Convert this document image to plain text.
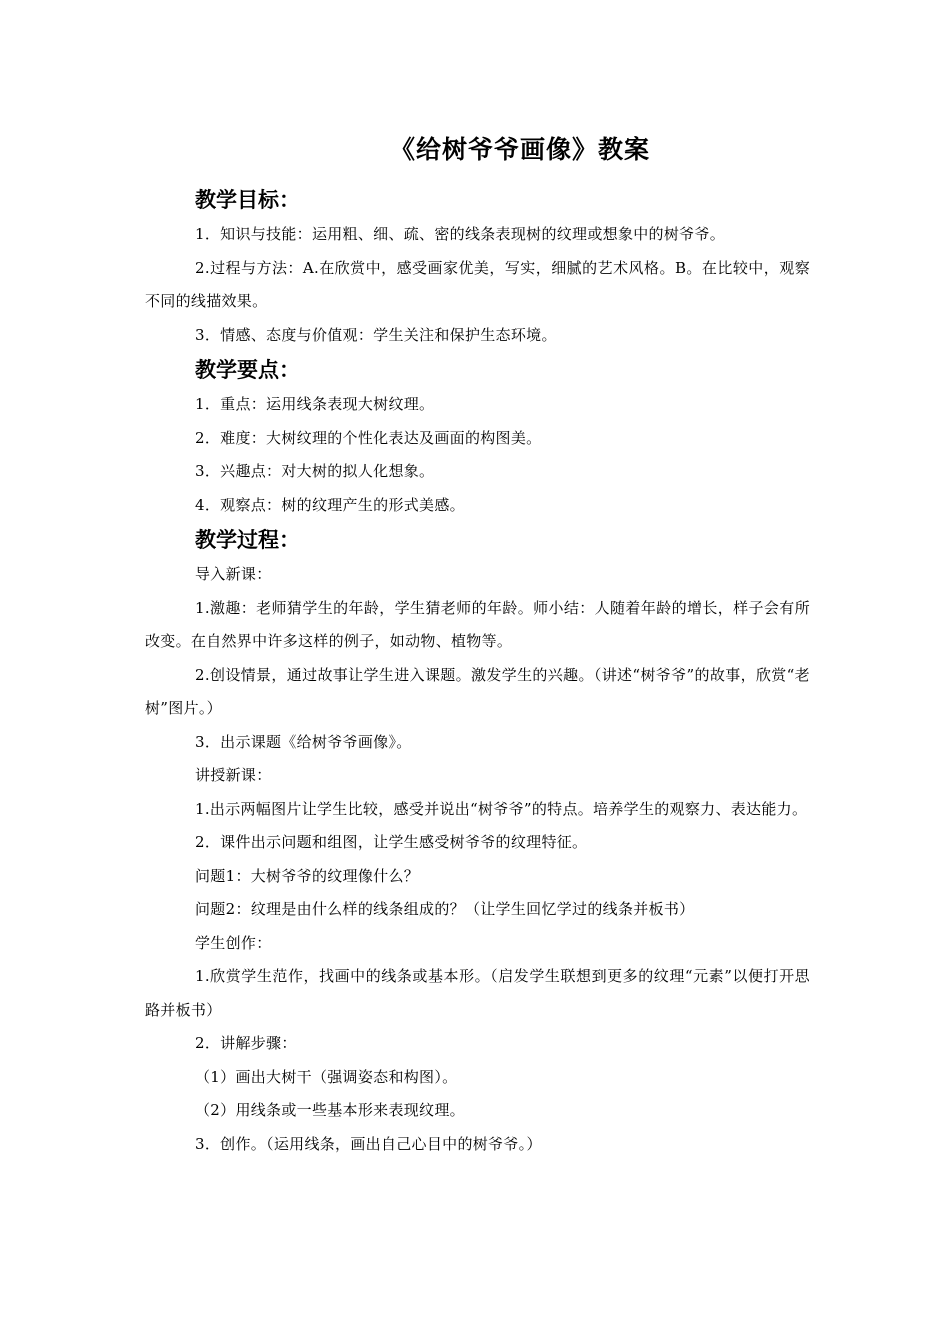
《给树爷爷画像》教案
教学目标：

1．知识与技能：运用粗、细、疏、密的线条表现树的纹理或想象中的树爷爷。

2.过程与方法：A.在欣赏中，感受画家优美，写实，细腻的艺术风格。B。在比较中，观察不同的线描效果。

3．情感、态度与价值观：学生关注和保护生态环境。

教学要点：

1．重点：运用线条表现大树纹理。

2．难度：大树纹理的个性化表达及画面的构图美。

3．兴趣点：对大树的拟人化想象。

4．观察点：树的纹理产生的形式美感。

教学过程：

导入新课：

1.激趣：老师猜学生的年龄，学生猜老师的年龄。师小结：人随着年龄的增长，样子会有所改变。在自然界中许多这样的例子，如动物、植物等。

2.创设情景，通过故事让学生进入课题。激发学生的兴趣。（讲述“树爷爷”的故事，欣赏“老树”图片。）

3．出示课题《给树爷爷画像》。

讲授新课：

1.出示两幅图片让学生比较，感受并说出“树爷爷”的特点。培养学生的观察力、表达能力。

2．课件出示问题和组图，让学生感受树爷爷的纹理特征。

问题1：大树爷爷的纹理像什么？

问题2：纹理是由什么样的线条组成的？（让学生回忆学过的线条并板书）

学生创作：

1.欣赏学生范作，找画中的线条或基本形。（启发学生联想到更多的纹理“元素”以便打开思路并板书）

2．讲解步骤：

（1）画出大树干（强调姿态和构图）。

（2）用线条或一些基本形来表现纹理。

3．创作。（运用线条，画出自己心目中的树爷爷。）
